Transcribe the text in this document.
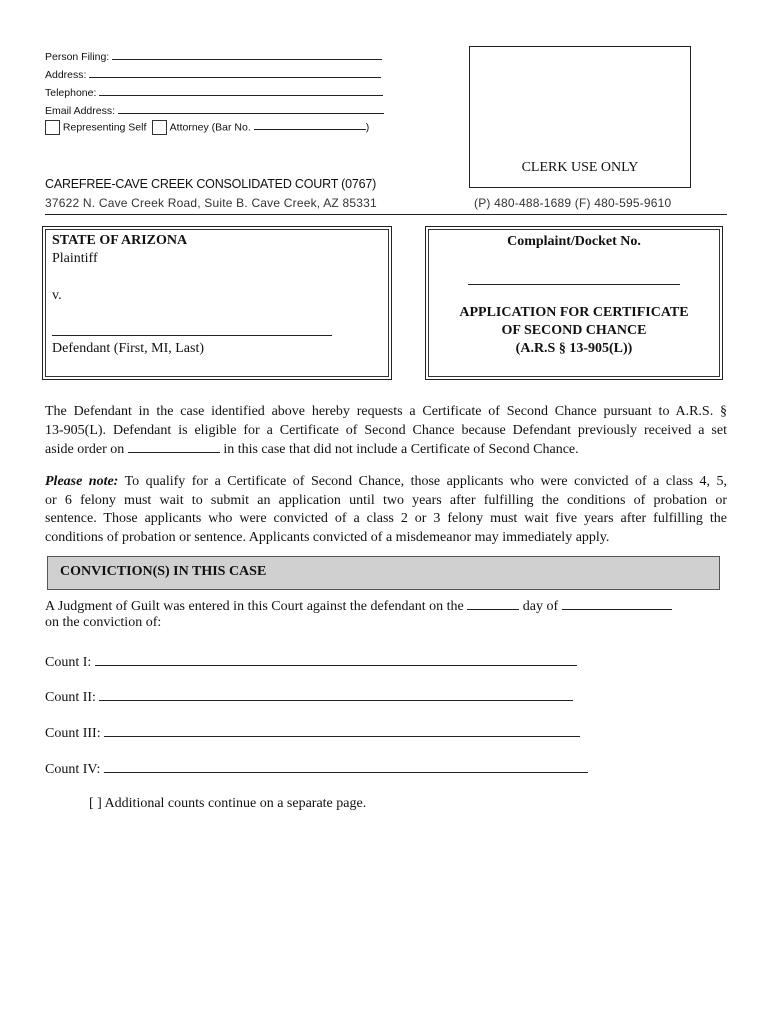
Person Filing:
Address:
Telephone:
Email Address:
Representing Self Attorney (Bar No.	)
CLERK USE ONLY
CAREFREE-CAVE CREEK CONSOLIDATED COURT (0767)
37622 N. Cave Creek Road, Suite B. Cave Creek, AZ 85331	(P) 480-488-1689 (F) 480-595-9610
STATE OF ARIZONA
Plaintiff
v.
Defendant (First, MI, Last)
Complaint/Docket No.
APPLICATION FOR CERTIFICATE
OF SECOND CHANCE
(A.R.S § 13-905(L))
The Defendant in the case identified above hereby requests a Certificate of Second Chance pursuant to A.R.S. §
13-905(L). Defendant is eligible for a Certificate of Second Chance because Defendant previously received a set
aside order on	in this case that did not include a Certificate of Second Chance.
Please note: To qualify for a Certificate of Second Chance, those applicants who were convicted of a class 4, 5,
or 6 felony must wait to submit an application until two years after fulfilling the conditions of probation or
sentence. Those applicants who were convicted of a class 2 or 3 felony must wait five years after fulfilling the
conditions of probation or sentence. Applicants convicted of a misdemeanor may immediately apply.
CONVICTION(S) IN THIS CASE
A Judgment of Guilt was entered in this Court against the defendant on the	day of
on the conviction of:
Count I:
Count II:
Count III:
Count IV:
[ ] Additional counts continue on a separate page.
